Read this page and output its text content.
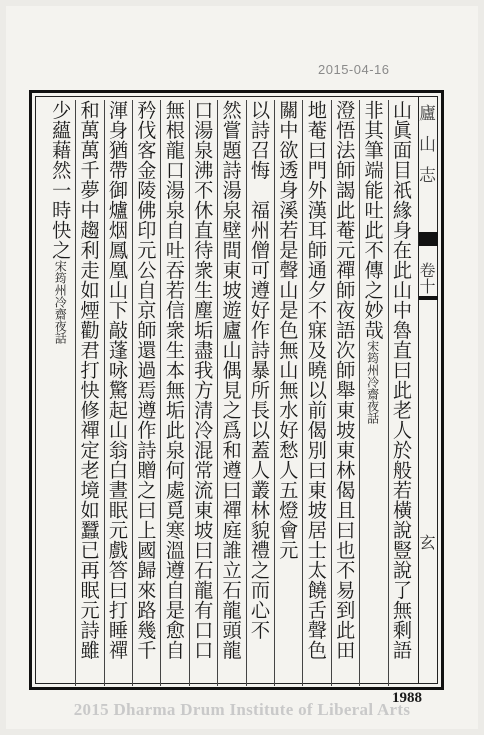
2015-04-16
廬山志
卷十
玄
山眞面目祇緣身在此山中魯直曰此老人於般若橫說豎說了無剩語
非其筆端能吐此不傳之妙哉宋筠州冷齋夜話
澄悟法師謁此菴元禪師夜語次師舉東坡東林偈且曰也不易到此田
地菴曰門外漢耳師通夕不寐及曉以前偈別曰東坡居士太饒舌聲色
關中欲透身溪若是聲山是色無山無水好愁人五燈會元
以詩召悔　福州僧可遵好作詩暴所長以蓋人叢林貌禮之而心不
然嘗題詩湯泉壁間東坡遊廬山偶見之爲和遵曰禪庭誰立石龍頭龍
口湯泉沸不休直待衆生塵垢盡我方清冷混常流東坡曰石龍有口口
無根龍口湯泉自吐吞若信衆生本無垢此泉何處覓寒溫遵自是愈自
矜伐客金陵佛印元公自京師還過焉遵作詩贈之曰上國歸來路幾千
渾身猶帶御爐烟鳳凰山下敲蓬咏驚起山翁白晝眠元戲答曰打睡禪
和萬萬千夢中趨利走如煙勸君打快修禪定老境如蠶已再眠元詩雖
少蘊藉然一時快之宋筠州冷齋夜話
1988
2015 Dharma Drum Institute of Liberal Arts
